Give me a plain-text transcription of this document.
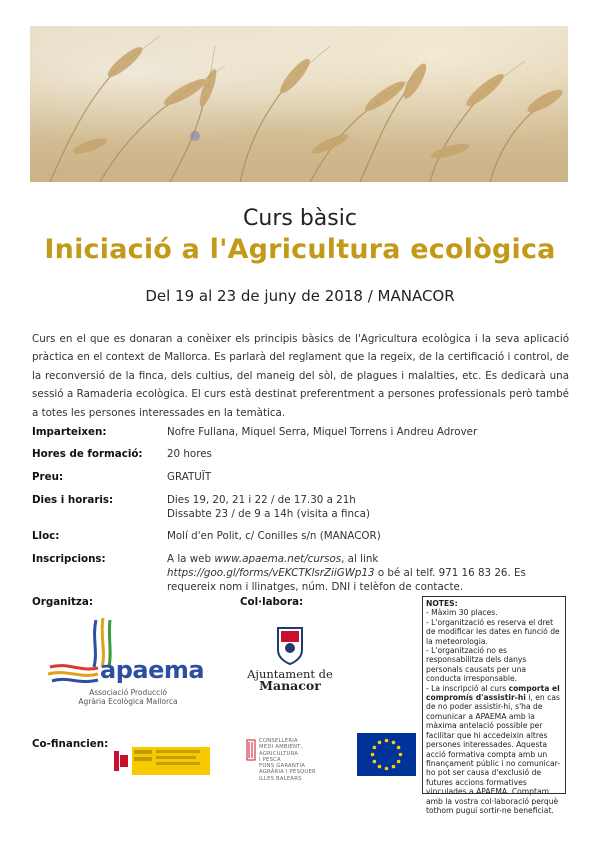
Curs bàsic
Iniciació a l'Agricultura ecològica
Del 19 al 23 de juny de 2018 / MANACOR
Curs en el que es donaran a conèixer els principis bàsics de l'Agricultura ecològica i la seva aplicació pràctica en el context de Mallorca. Es parlarà del reglament que la regeix, de la certificació i control, de la reconversió de la finca, dels cultius, del maneig del sòl, de plagues i malalties, etc. Es dedicarà una sessió a Ramaderia ecològica. El curs està destinat preferentment a persones professionals però també a totes les persones interessades en la temàtica.
Imparteixen:	Nofre Fullana, Miquel Serra, Miquel Torrens i Andreu Adrover
Hores de formació: 20 hores
Preu:	GRATUÏT
Dies i horaris:	Dies 19, 20, 21 i 22 / de 17.30 a 21h
Dissabte 23 / de 9 a 14h (visita a finca)
Lloc:	Molí d'en Polit, c/ Conilles s/n (MANACOR)
Inscripcions:	A la web www.apaema.net/cursos, al link https://goo.gl/forms/vEKCTKlsrZiiGWp13 o bé al telf. 971 16 83 26. Es requereix nom i llinatges, núm. DNI i telèfon de contacte.
Organitza:	Col·labora:
Co-financien:
apaema
Associació Producció
Agrària Ecològica Mallorca
Ajuntament de
Manacor

NOTES:

- Màxim 30 places.

- L'organització es reserva el dret de modificar les dates en funció de la meteorologia.

- L'organització no es responsabilitza dels danys personals causats per una conducta irresponsable.

- La inscripció al curs comporta el compromís d'assistir-hi i, en cas de no poder assistir-hi, s'ha de comunicar a APAEMA amb la màxima antelació possible per facilitar que hi accedeixin altres persones interessades. Aquesta acció formativa compta amb un finançament públic i no comunicar-ho pot ser causa d'exclusió de futures accions formatives vinculades a APAEMA. Comptam amb la vostra col·laboració perquè tothom pugui sortir-ne beneficiat.

CONSELLERIA
MEDI AMBIENT,
AGRICULTURA
I PESCA
FONS GARANTIA
AGRÀRIA I PESQUER
ILLES BALEARS
